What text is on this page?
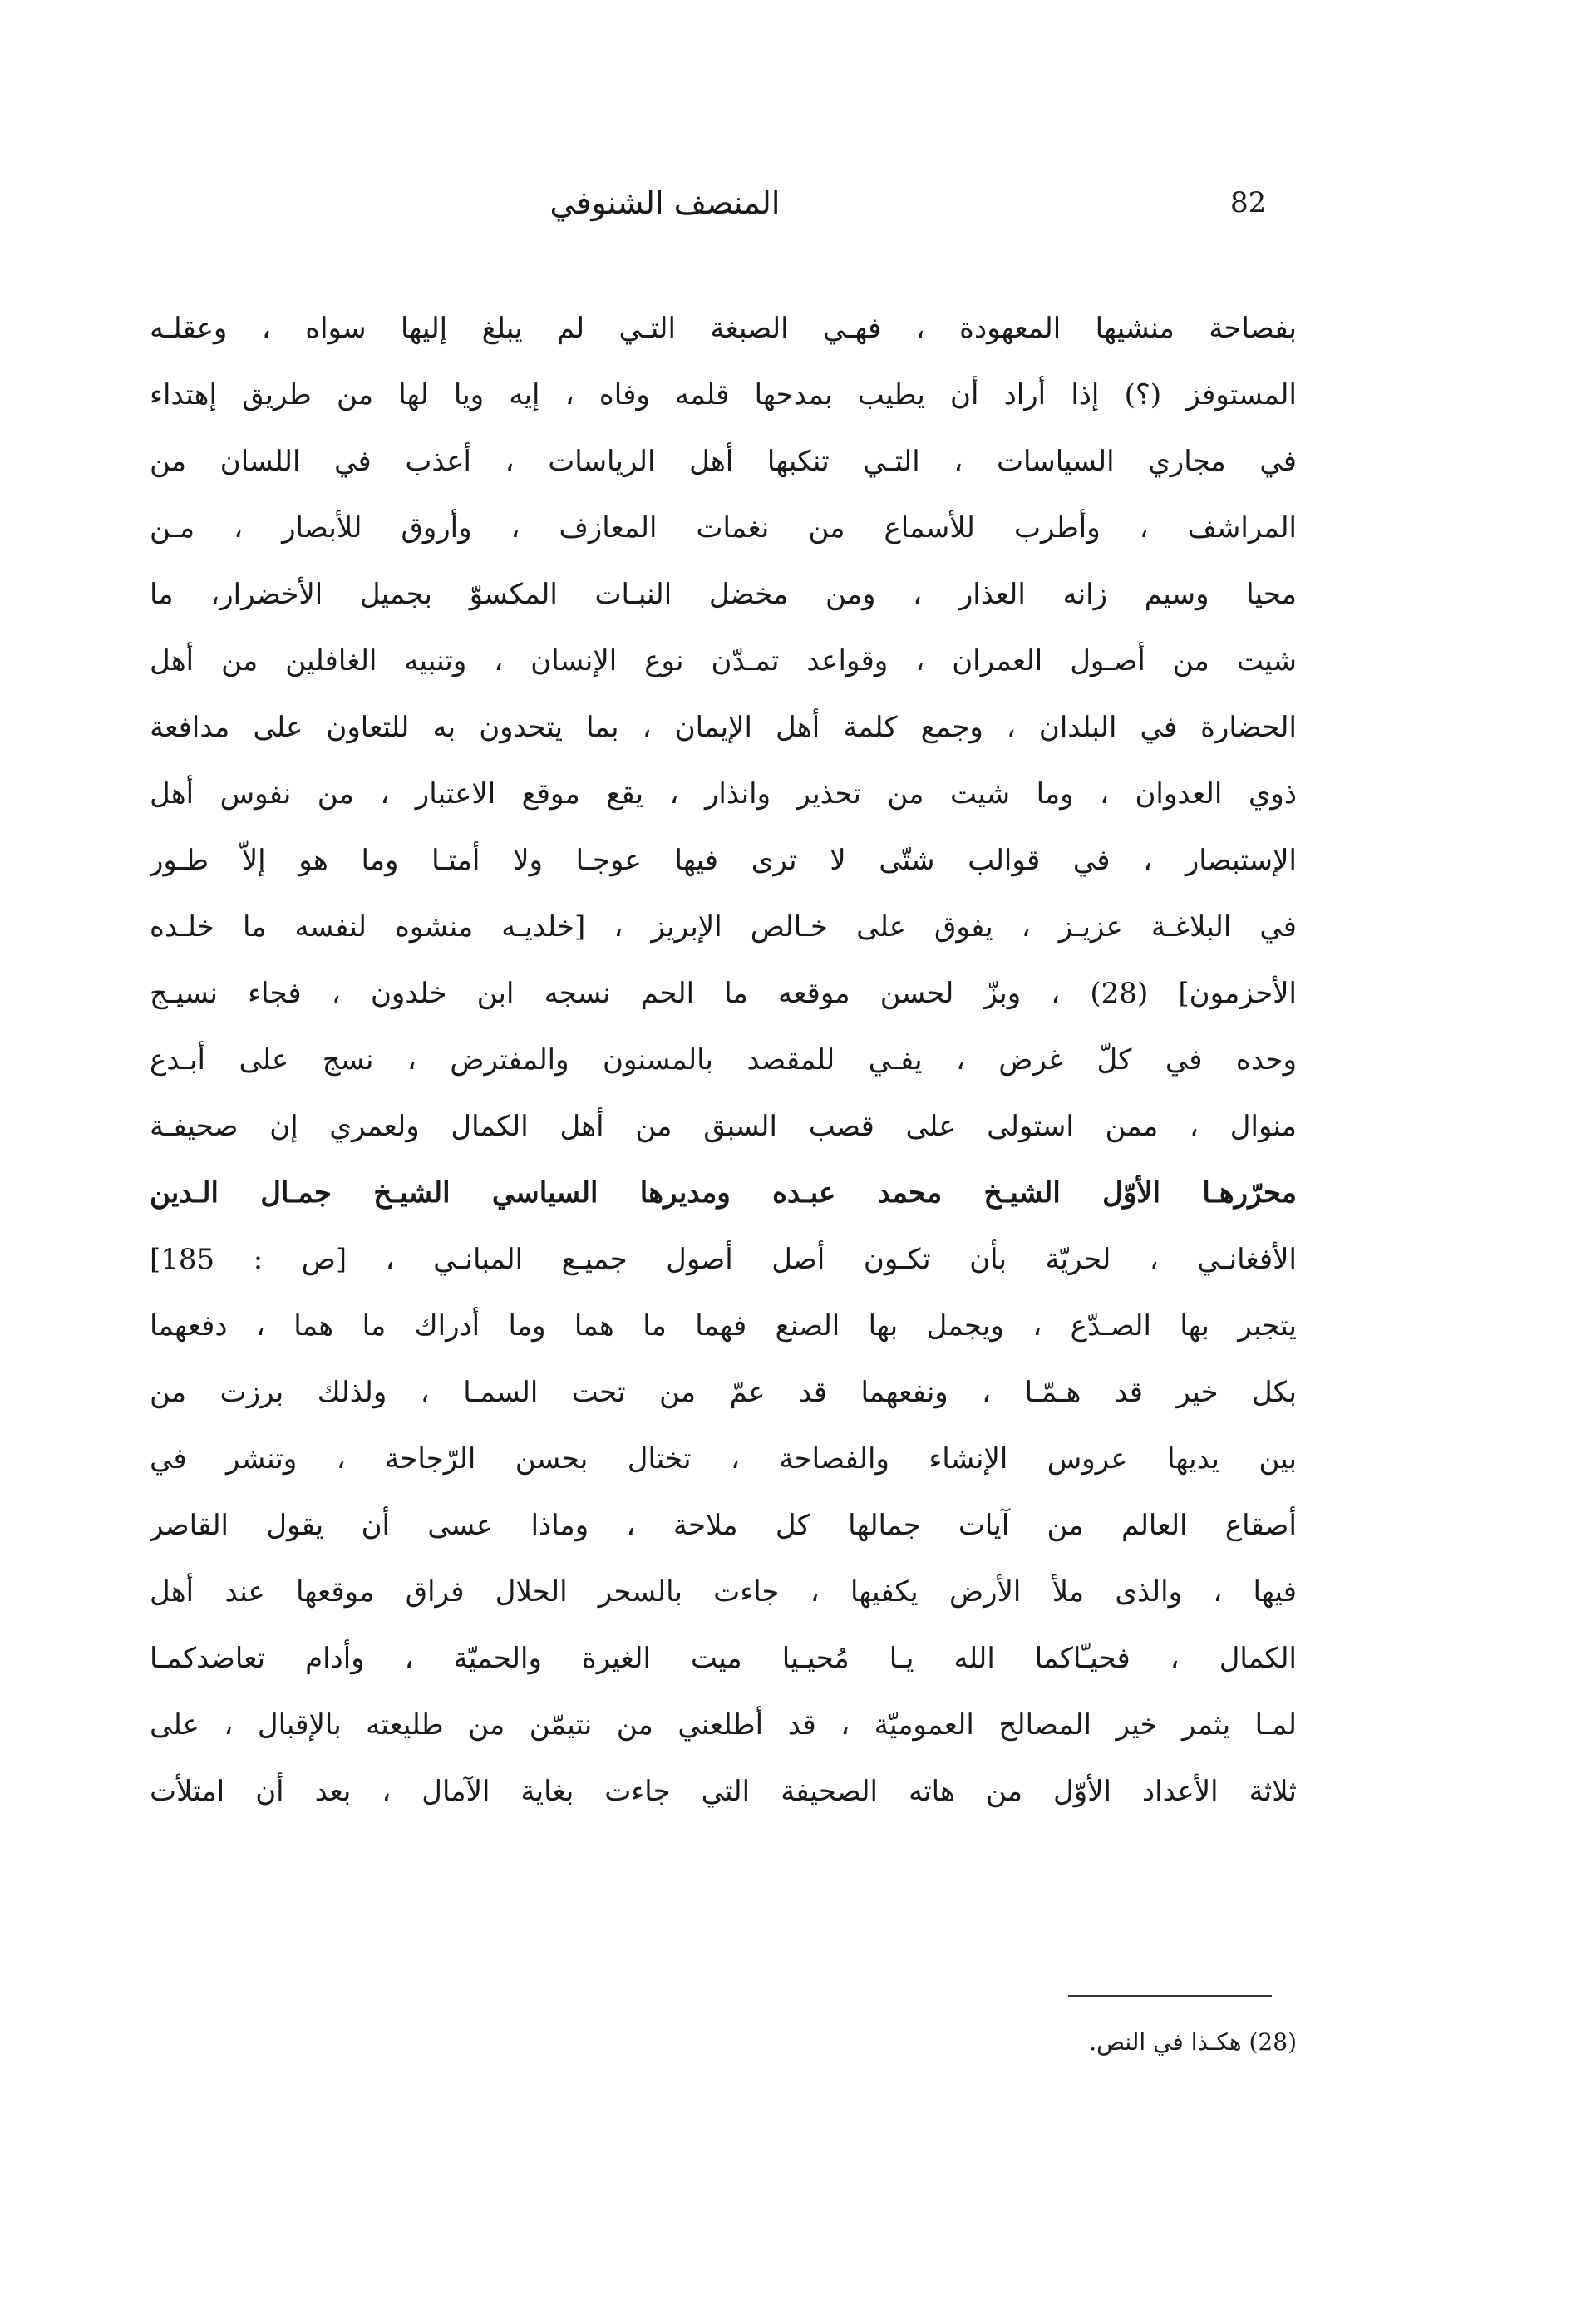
82
المنصف الشنوفي
بفصاحة منشيها المعهودة ، فهـي الصبغة التـي لم يبلغ إليها سواه ، وعقلـه
المستوفز (؟) إذا أراد أن يطيب بمدحها قلمه وفاه ، إيه ويا لها من طريق إهتداء
في مجاري السياسات ، التـي تنكبها أهل الرياسات ، أعذب في اللسان من
المراشف ، وأطرب للأسماع من نغمات المعازف ، وأروق للأبصار ، مـن
محيا وسيم زانه العذار ، ومن مخضل النبـات المكسوّ بجميل الأخضرار، ما
شيت من أصـول العمران ، وقواعد تمـدّن نوع الإنسان ، وتنبيه الغافلين من أهل
الحضارة في البلدان ، وجمع كلمة أهل الإيمان ، بما يتحدون به للتعاون على مدافعة
ذوي العدوان ، وما شيت من تحذير وانذار ، يقع موقع الاعتبار ، من نفوس أهل
الإستبصار ، في قوالب شتّى لا ترى فيها عوجـا ولا أمتـا وما هو إلاّ طـور
في البلاغـة عزيـز ، يفوق على خـالص الإبريز ، [خلديـه منشوه لنفسه ما خلـده
الأحزمون] (28) ، وبزّ لحسن موقعه ما الحم نسجه ابن خلدون ، فجاء نسيـج
وحده في كلّ غرض ، يفـي للمقصد بالمسنون والمفترض ، نسج على أبـدع
منوال ، ممن استولى على قصب السبق من أهل الكمال ولعمري إن صحيفـة
محرّرهـا الأوّل الشيـخ محمد عبـده ومديرها السياسي الشيـخ جمـال الـدين
الأفغانـي ، لحريّة بأن تكـون أصل أصول جميـع المبانـي ، [ص : 185]
يتجبر بها الصـدّع ، ويجمل بها الصنع فهما ما هما وما أدراك ما هما ، دفعهما
بكل خير قد هـمّـا ، ونفعهما قد عمّ من تحت السمـا ، ولذلك برزت من
بين يديها عروس الإنشاء والفصاحة ، تختال بحسن الرّجاحة ، وتنشر في
أصقاع العالم من آيات جمالها كل ملاحة ، وماذا عسى أن يقول القاصر
فيها ، والذى ملأ الأرض يكفيها ، جاءت بالسحر الحلال فراق موقعها عند أهل
الكمال ، فحيـّاكما الله يـا مُحيـيا ميت الغيرة والحميّة ، وأدام تعاضدكمـا
لمـا يثمر خير المصالح العموميّة ، قد أطلعني من نتيمّن من طليعته بالإقبال ، على
ثلاثة الأعداد الأوّل من هاته الصحيفة التي جاءت بغاية الآمال ، بعد أن امتلأت
(28) هكـذا في النص.
